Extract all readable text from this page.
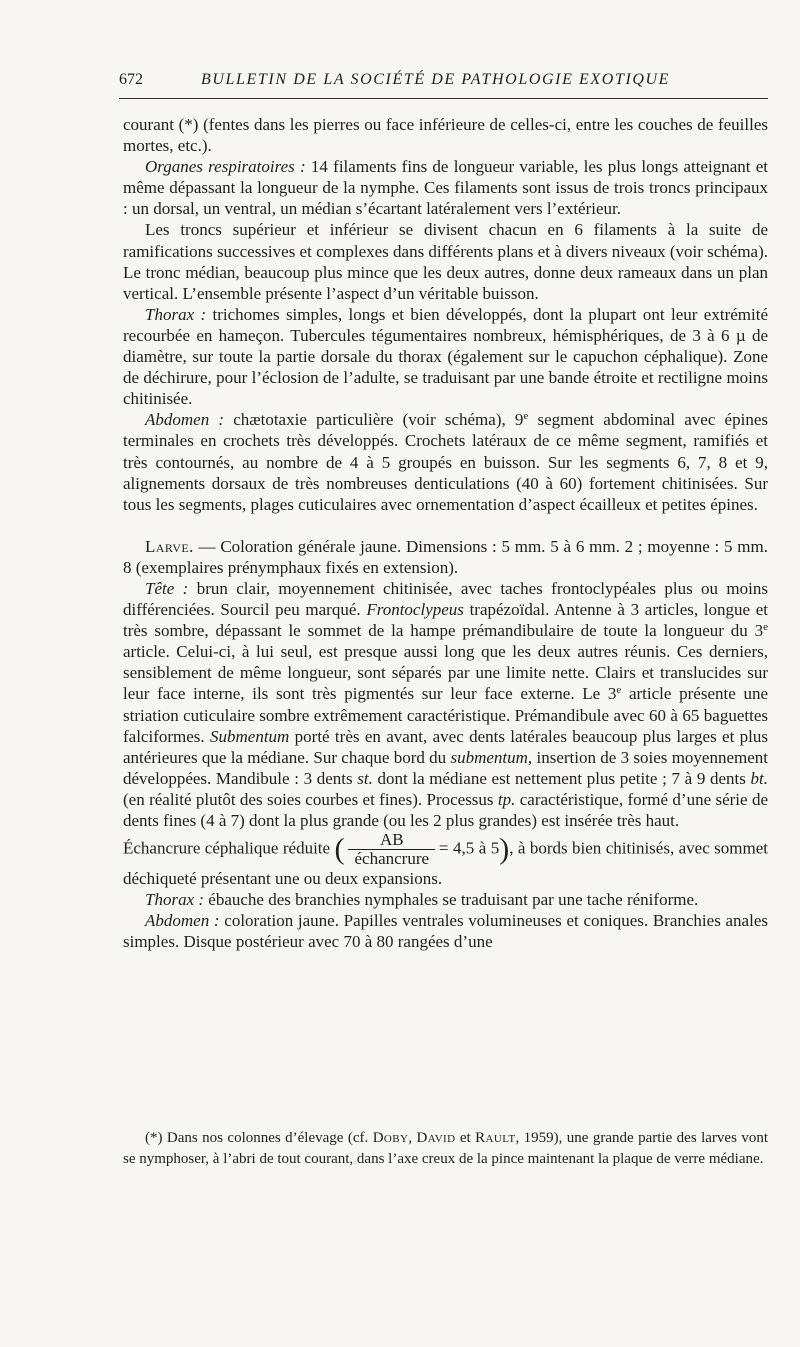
672	BULLETIN DE LA SOCIÉTÉ DE PATHOLOGIE EXOTIQUE

courant (*) (fentes dans les pierres ou face inférieure de celles-ci, entre les couches de feuilles mortes, etc.).

Organes respiratoires : 14 filaments fins de longueur variable, les plus longs atteignant et même dépassant la longueur de la nymphe. Ces filaments sont issus de trois troncs principaux : un dorsal, un ventral, un médian s’écartant latéralement vers l’extérieur.

Les troncs supérieur et inférieur se divisent chacun en 6 filaments à la suite de ramifications successives et complexes dans différents plans et à divers niveaux (voir schéma). Le tronc médian, beaucoup plus mince que les deux autres, donne deux rameaux dans un plan vertical. L’ensemble présente l’aspect d’un véritable buisson.

Thorax : trichomes simples, longs et bien développés, dont la plupart ont leur extrémité recourbée en hameçon. Tubercules tégumentaires nombreux, hémisphériques, de 3 à 6 µ de diamètre, sur toute la partie dorsale du thorax (également sur le capuchon céphalique). Zone de déchirure, pour l’éclosion de l’adulte, se traduisant par une bande étroite et rectiligne moins chitinisée.

Abdomen : chætotaxie particulière (voir schéma), 9e segment abdominal avec épines terminales en crochets très développés. Crochets latéraux de ce même segment, ramifiés et très contournés, au nombre de 4 à 5 groupés en buisson. Sur les segments 6, 7, 8 et 9, alignements dorsaux de très nombreuses denticulations (40 à 60) fortement chitinisées. Sur tous les segments, plages cuticulaires avec ornementation d’aspect écailleux et petites épines.

Larve. — Coloration générale jaune. Dimensions : 5 mm. 5 à 6 mm. 2 ; moyenne : 5 mm. 8 (exemplaires prénymphaux fixés en extension).

Tête : brun clair, moyennement chitinisée, avec taches frontoclypéales plus ou moins différenciées. Sourcil peu marqué. Frontoclypeus trapézoïdal. Antenne à 3 articles, longue et très sombre, dépassant le sommet de la hampe prémandibulaire de toute la longueur du 3e article. Celui-ci, à lui seul, est presque aussi long que les deux autres réunis. Ces derniers, sensiblement de même longueur, sont séparés par une limite nette. Clairs et translucides sur leur face interne, ils sont très pigmentés sur leur face externe. Le 3e article présente une striation cuticulaire sombre extrêmement caractéristique. Prémandibule avec 60 à 65 baguettes falciformes. Submentum porté très en avant, avec dents latérales beaucoup plus larges et plus antérieures que la médiane. Sur chaque bord du submentum, insertion de 3 soies moyennement développées. Mandibule : 3 dents st. dont la médiane est nettement plus petite ; 7 à 9 dents bt. (en réalité plutôt des soies courbes et fines). Processus tp. caractéristique, formé d’une série de dents fines (4 à 7) dont la plus grande (ou les 2 plus grandes) est insérée très haut.

Échancrure céphalique réduite ( $\frac{AB}{\text{échancrure}} = 4,5$ à 5), à bords bien chitinisés, avec sommet déchiqueté présentant une ou deux expansions.

Thorax : ébauche des branchies nymphales se traduisant par une tache réniforme.

Abdomen : coloration jaune. Papilles ventrales volumineuses et coniques. Branchies anales simples. Disque postérieur avec 70 à 80 rangées d’une

(*) Dans nos colonnes d’élevage (cf. Doby, David et Rault, 1959), une grande partie des larves vont se nymphoser, à l’abri de tout courant, dans l’axe creux de la pince maintenant la plaque de verre médiane.
